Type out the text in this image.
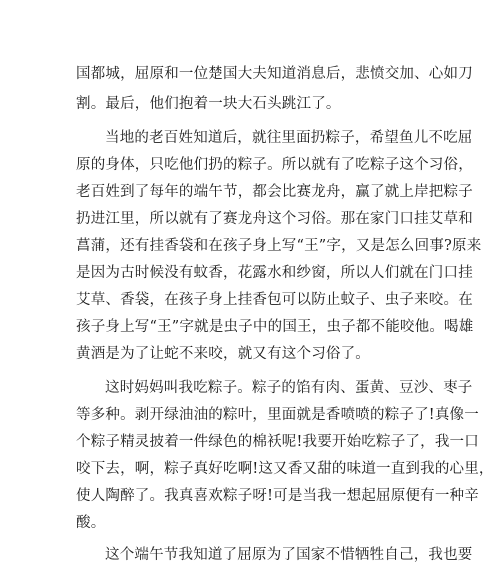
国都城，屈原和一位楚国大夫知道消息后，悲愤交加、心如刀
割。最后，他们抱着一块大石头跳江了。
当地的老百姓知道后，就往里面扔粽子，希望鱼儿不吃屈
原的身体，只吃他们扔的粽子。所以就有了吃粽子这个习俗，
老百姓到了每年的端午节，都会比赛龙舟，赢了就上岸把粽子
扔进江里，所以就有了赛龙舟这个习俗。那在家门口挂艾草和
菖蒲，还有挂香袋和在孩子身上写“王”字，又是怎么回事?原来
是因为古时候没有蚊香，花露水和纱窗，所以人们就在门口挂
艾草、香袋，在孩子身上挂香包可以防止蚊子、虫子来咬。在
孩子身上写“王”字就是虫子中的国王，虫子都不能咬他。喝雄
黄酒是为了让蛇不来咬，就又有这个习俗了。
这时妈妈叫我吃粽子。粽子的馅有肉、蛋黄、豆沙、枣子
等多种。剥开绿油油的粽叶，里面就是香喷喷的粽子了!真像一
个粽子精灵披着一件绿色的棉袄呢!我要开始吃粽子了，我一口
咬下去，啊，粽子真好吃啊!这又香又甜的味道一直到我的心里，
使人陶醉了。我真喜欢粽子呀!可是当我一想起屈原便有一种辛
酸。
这个端午节我知道了屈原为了国家不惜牺牲自己，我也要
